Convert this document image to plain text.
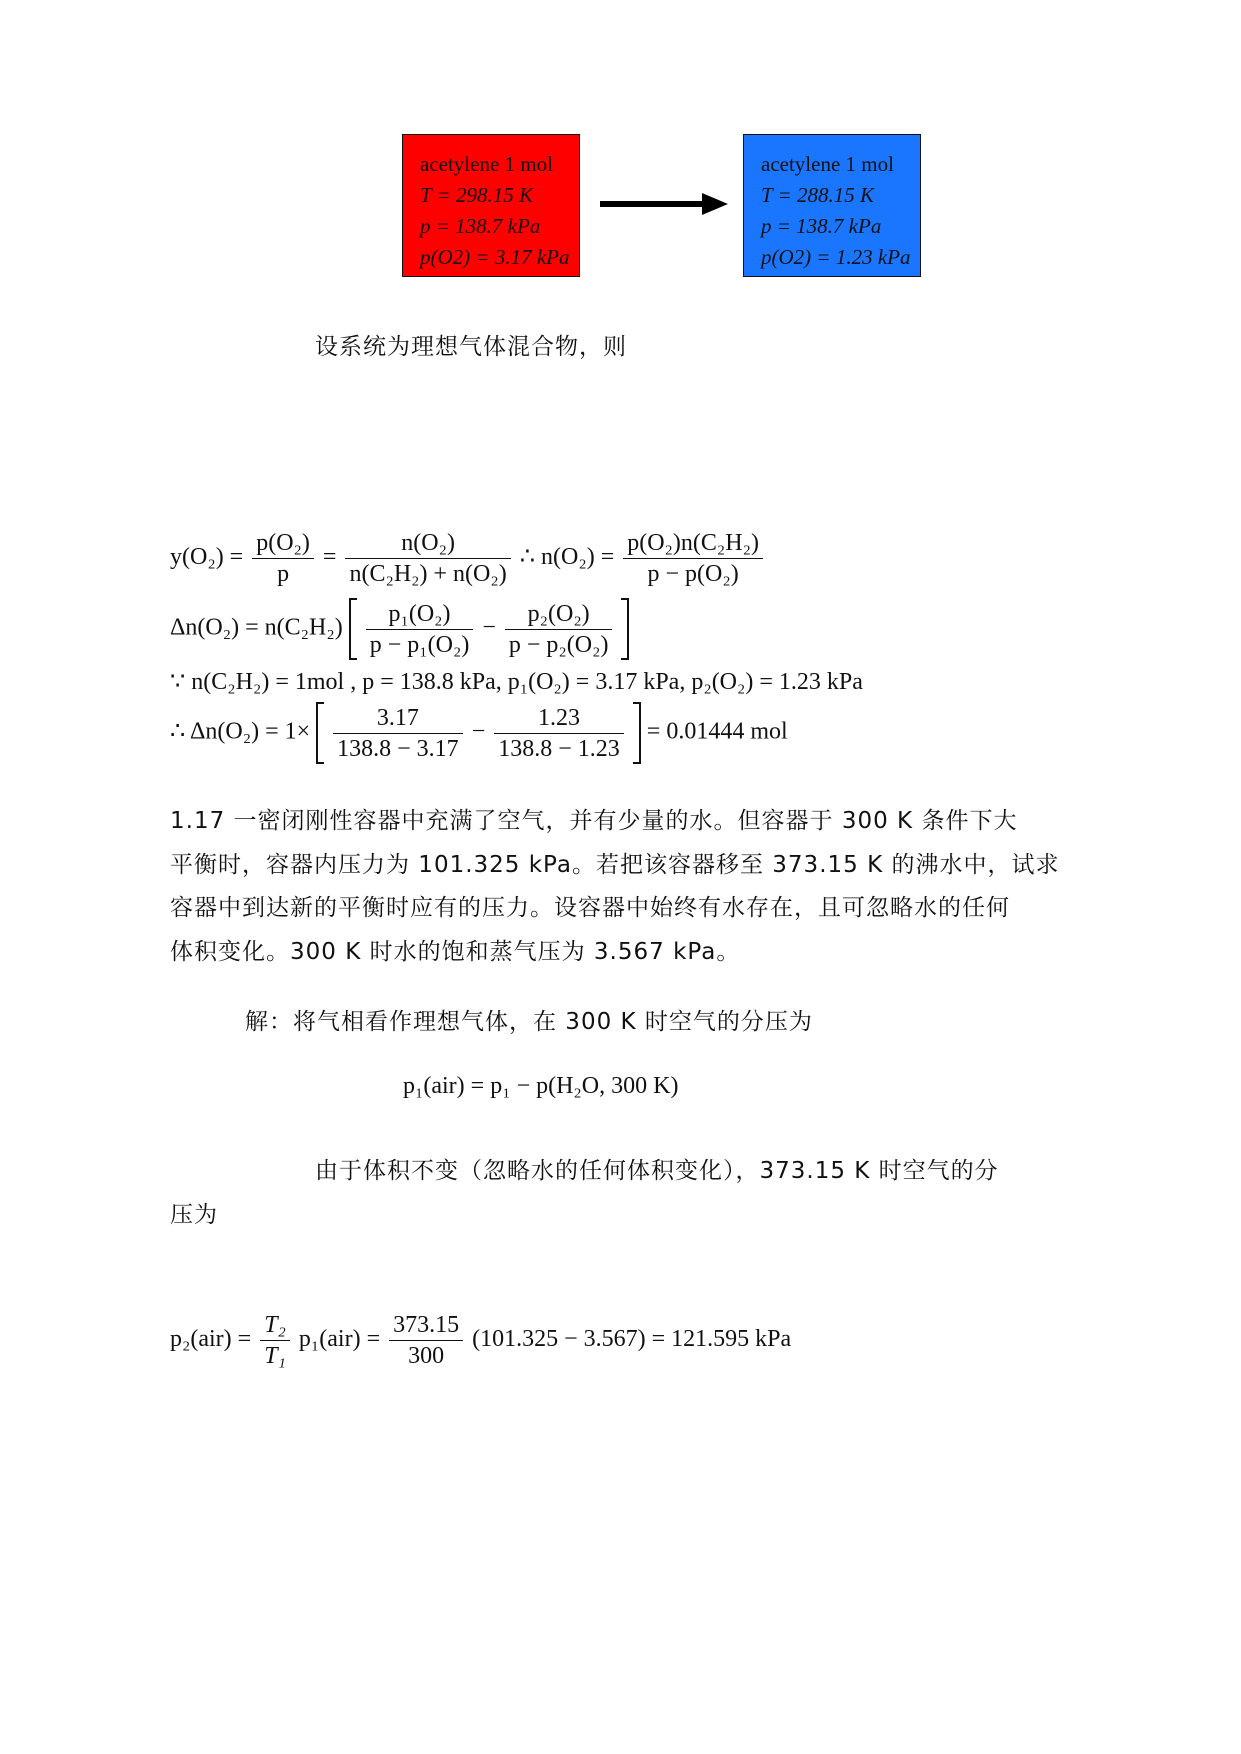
acetylene 1 mol
T = 298.15 K
p = 138.7 kPa
p(O2) = 3.17 kPa
acetylene 1 mol
T = 288.15 K
p = 138.7 kPa
p(O2) = 1.23 kPa
设系统为理想气体混合物，则
$y(O_2) = \frac{\text{p(O₂)}}{p} = \frac{\text{n(O₂)}}{\text{n(C₂H₂) + n(O₂)}}$ ∴ $n(O_2) = \frac{\text{p(O₂)n(C₂H₂)}}{\text{p − p(O₂)}}$
$\Delta n(O_2) = n(C_2H_2) \frac{\text{p₁(O₂)}}{\text{p − p₁(O₂)}} - \frac{\text{p₂(O₂)}}{\text{p − p₂(O₂)}}$

∵ n(C₂H₂) = 1mol , p = 138.8 kPa, p₁(O₂) = 3.17 kPa, p₂(O₂) = 1.23 kPa
∴ $\Delta n(O_2) = 1\times \frac{3.17}{138.8 - 3.17} - \frac{1.23}{138.8 - 1.23} = 0.01444$ mol
1.17 一密闭刚性容器中充满了空气，并有少量的水。但容器于 300 K 条件下大
平衡时，容器内压力为 101.325 kPa。若把该容器移至 373.15 K 的沸水中，试求
容器中到达新的平衡时应有的压力。设容器中始终有水存在，且可忽略水的任何
体积变化。300 K 时水的饱和蒸气压为 3.567 kPa。
解：将气相看作理想气体，在 300 K 时空气的分压为
p₁(air) = p₁ − p(H₂O, 300 K)
由于体积不变（忽略水的任何体积变化），373.15 K 时空气的分
压为
$p_2(air) = \frac{\text{T₂}}{\text{T₁}} p_1(air) = \frac{373.15}{300} (101.325 - 3.567) = 121.595$ kPa
